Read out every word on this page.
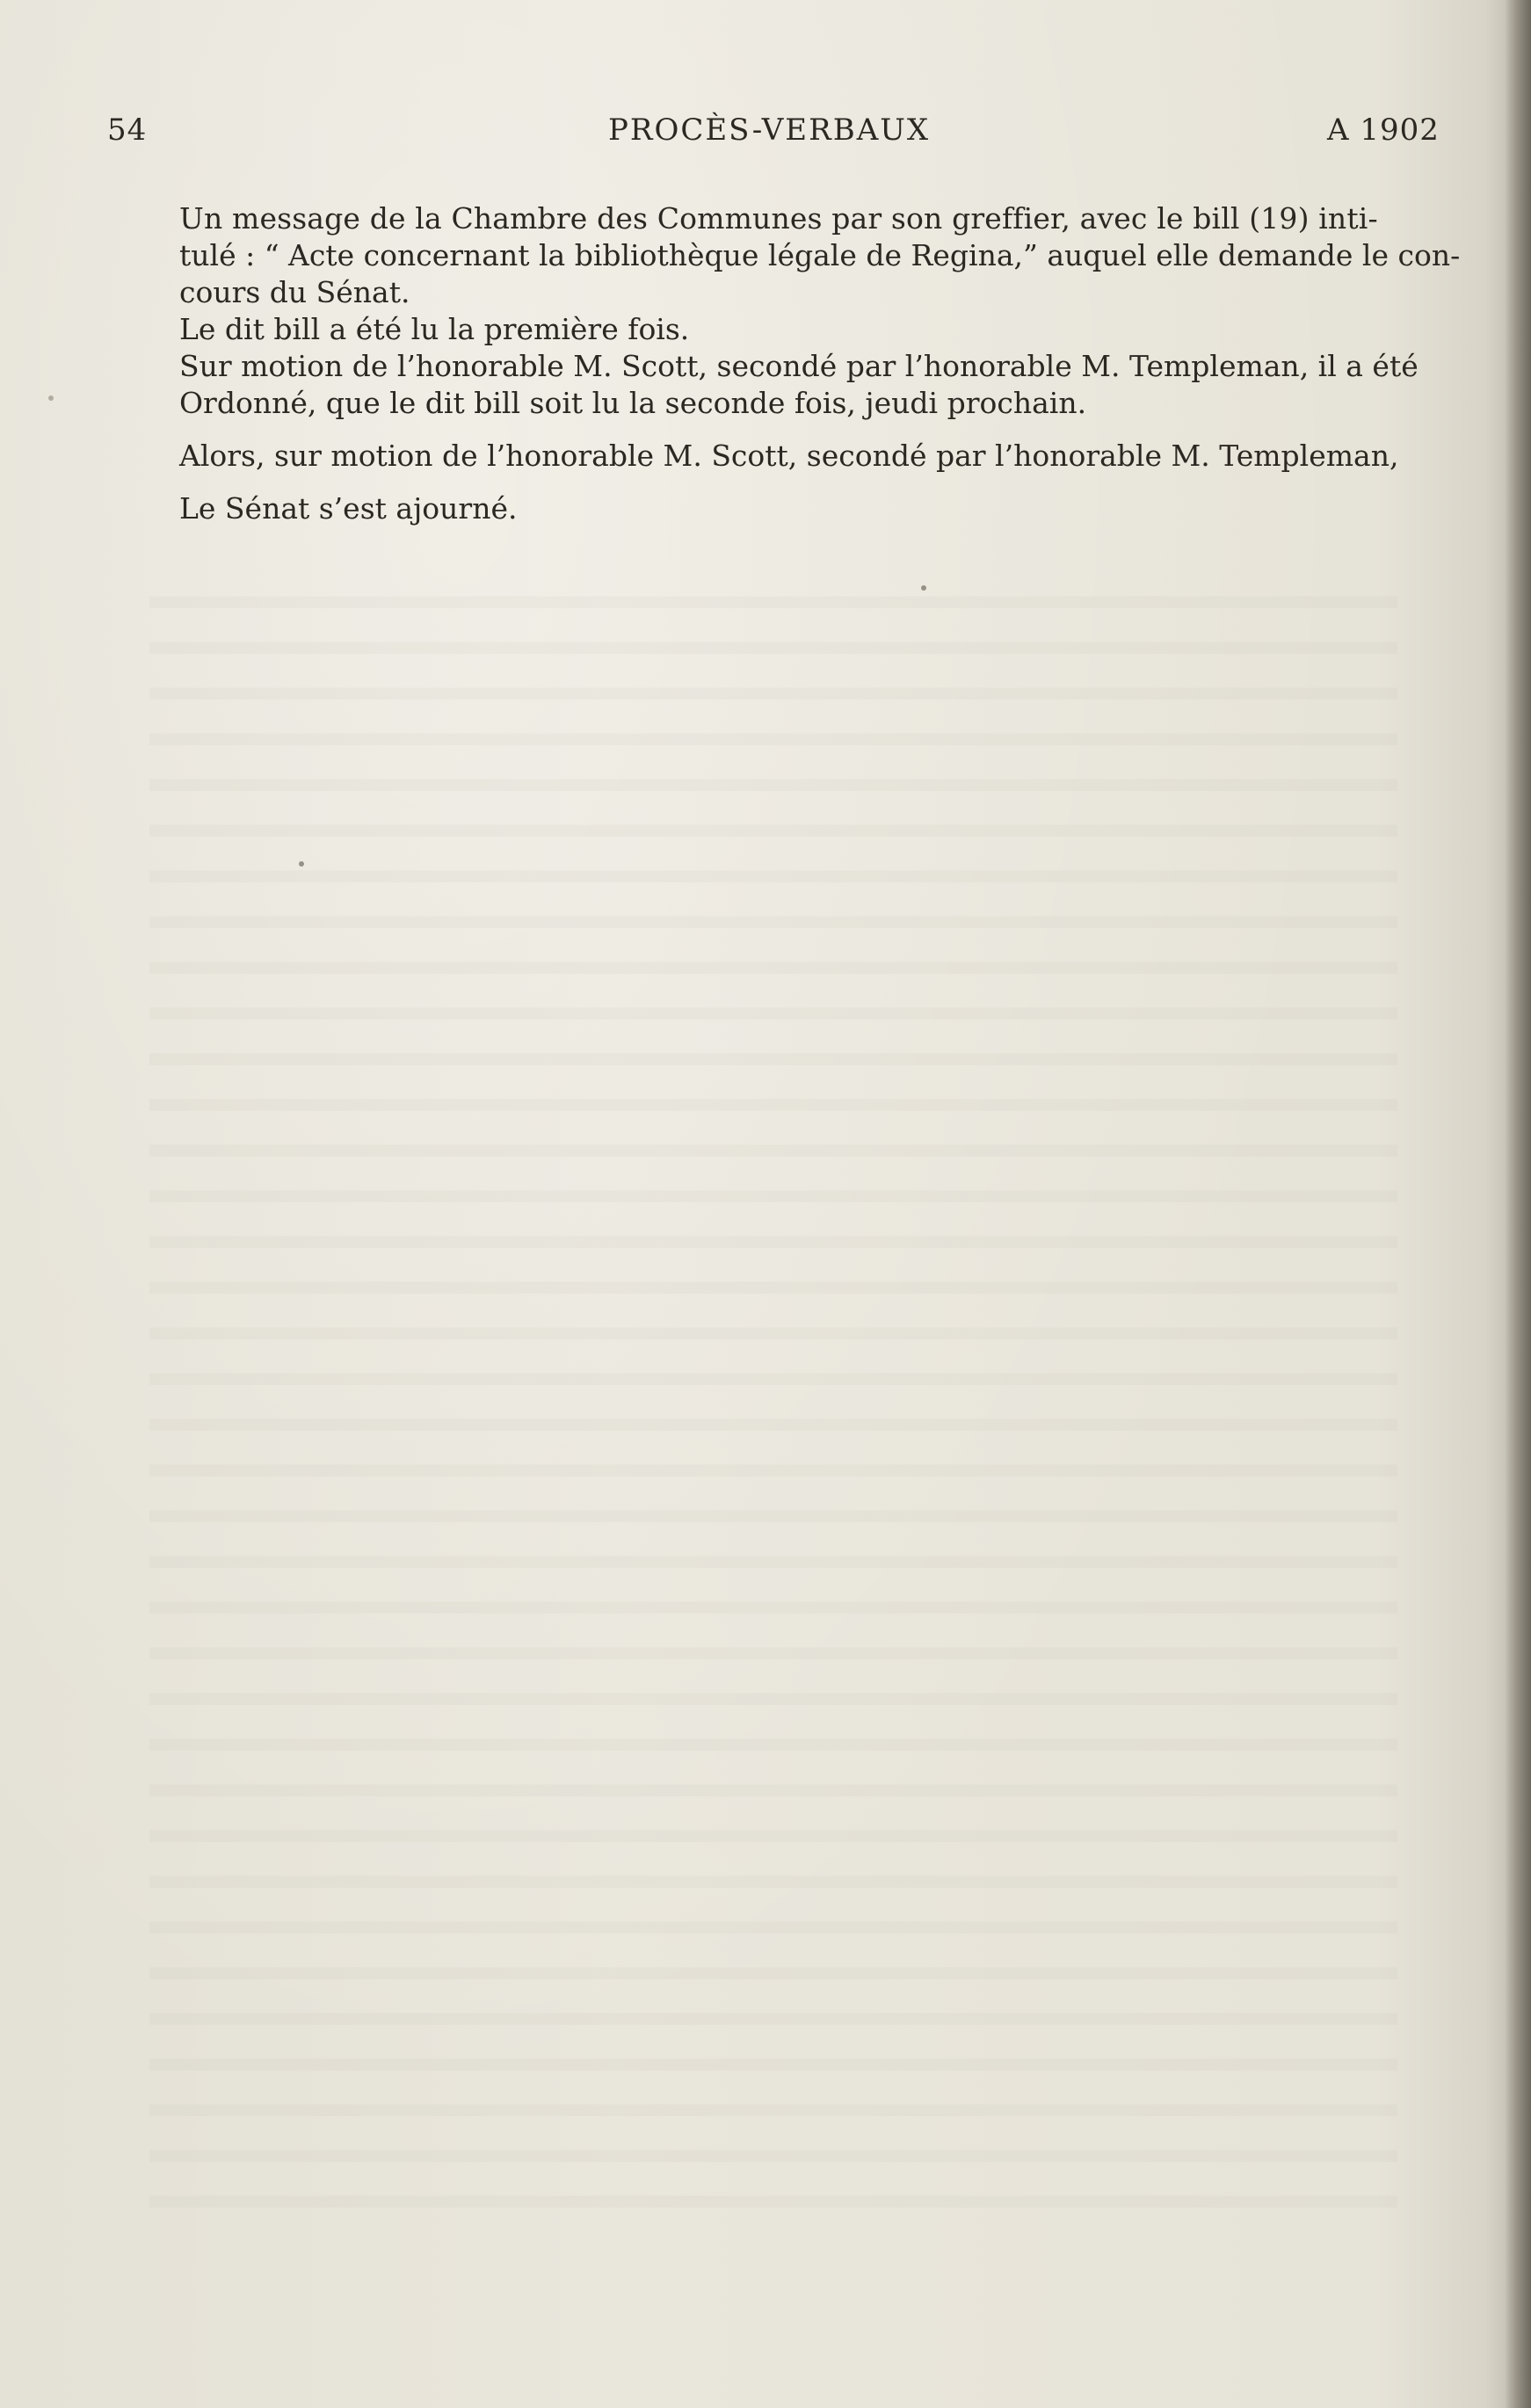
54	PROCÈS-VERBAUX	A 1902
Un message de la Chambre des Communes par son greffier, avec le bill (19) inti-
tulé : “ Acte concernant la bibliothèque légale de Regina,” auquel elle demande le con-
cours du Sénat.
Le dit bill a été lu la première fois.
Sur motion de l’honorable M. Scott, secondé par l’honorable M. Templeman, il a été
Ordonné, que le dit bill soit lu la seconde fois, jeudi prochain.
Alors, sur motion de l’honorable M. Scott, secondé par l’honorable M. Templeman,
Le Sénat s’est ajourné.
